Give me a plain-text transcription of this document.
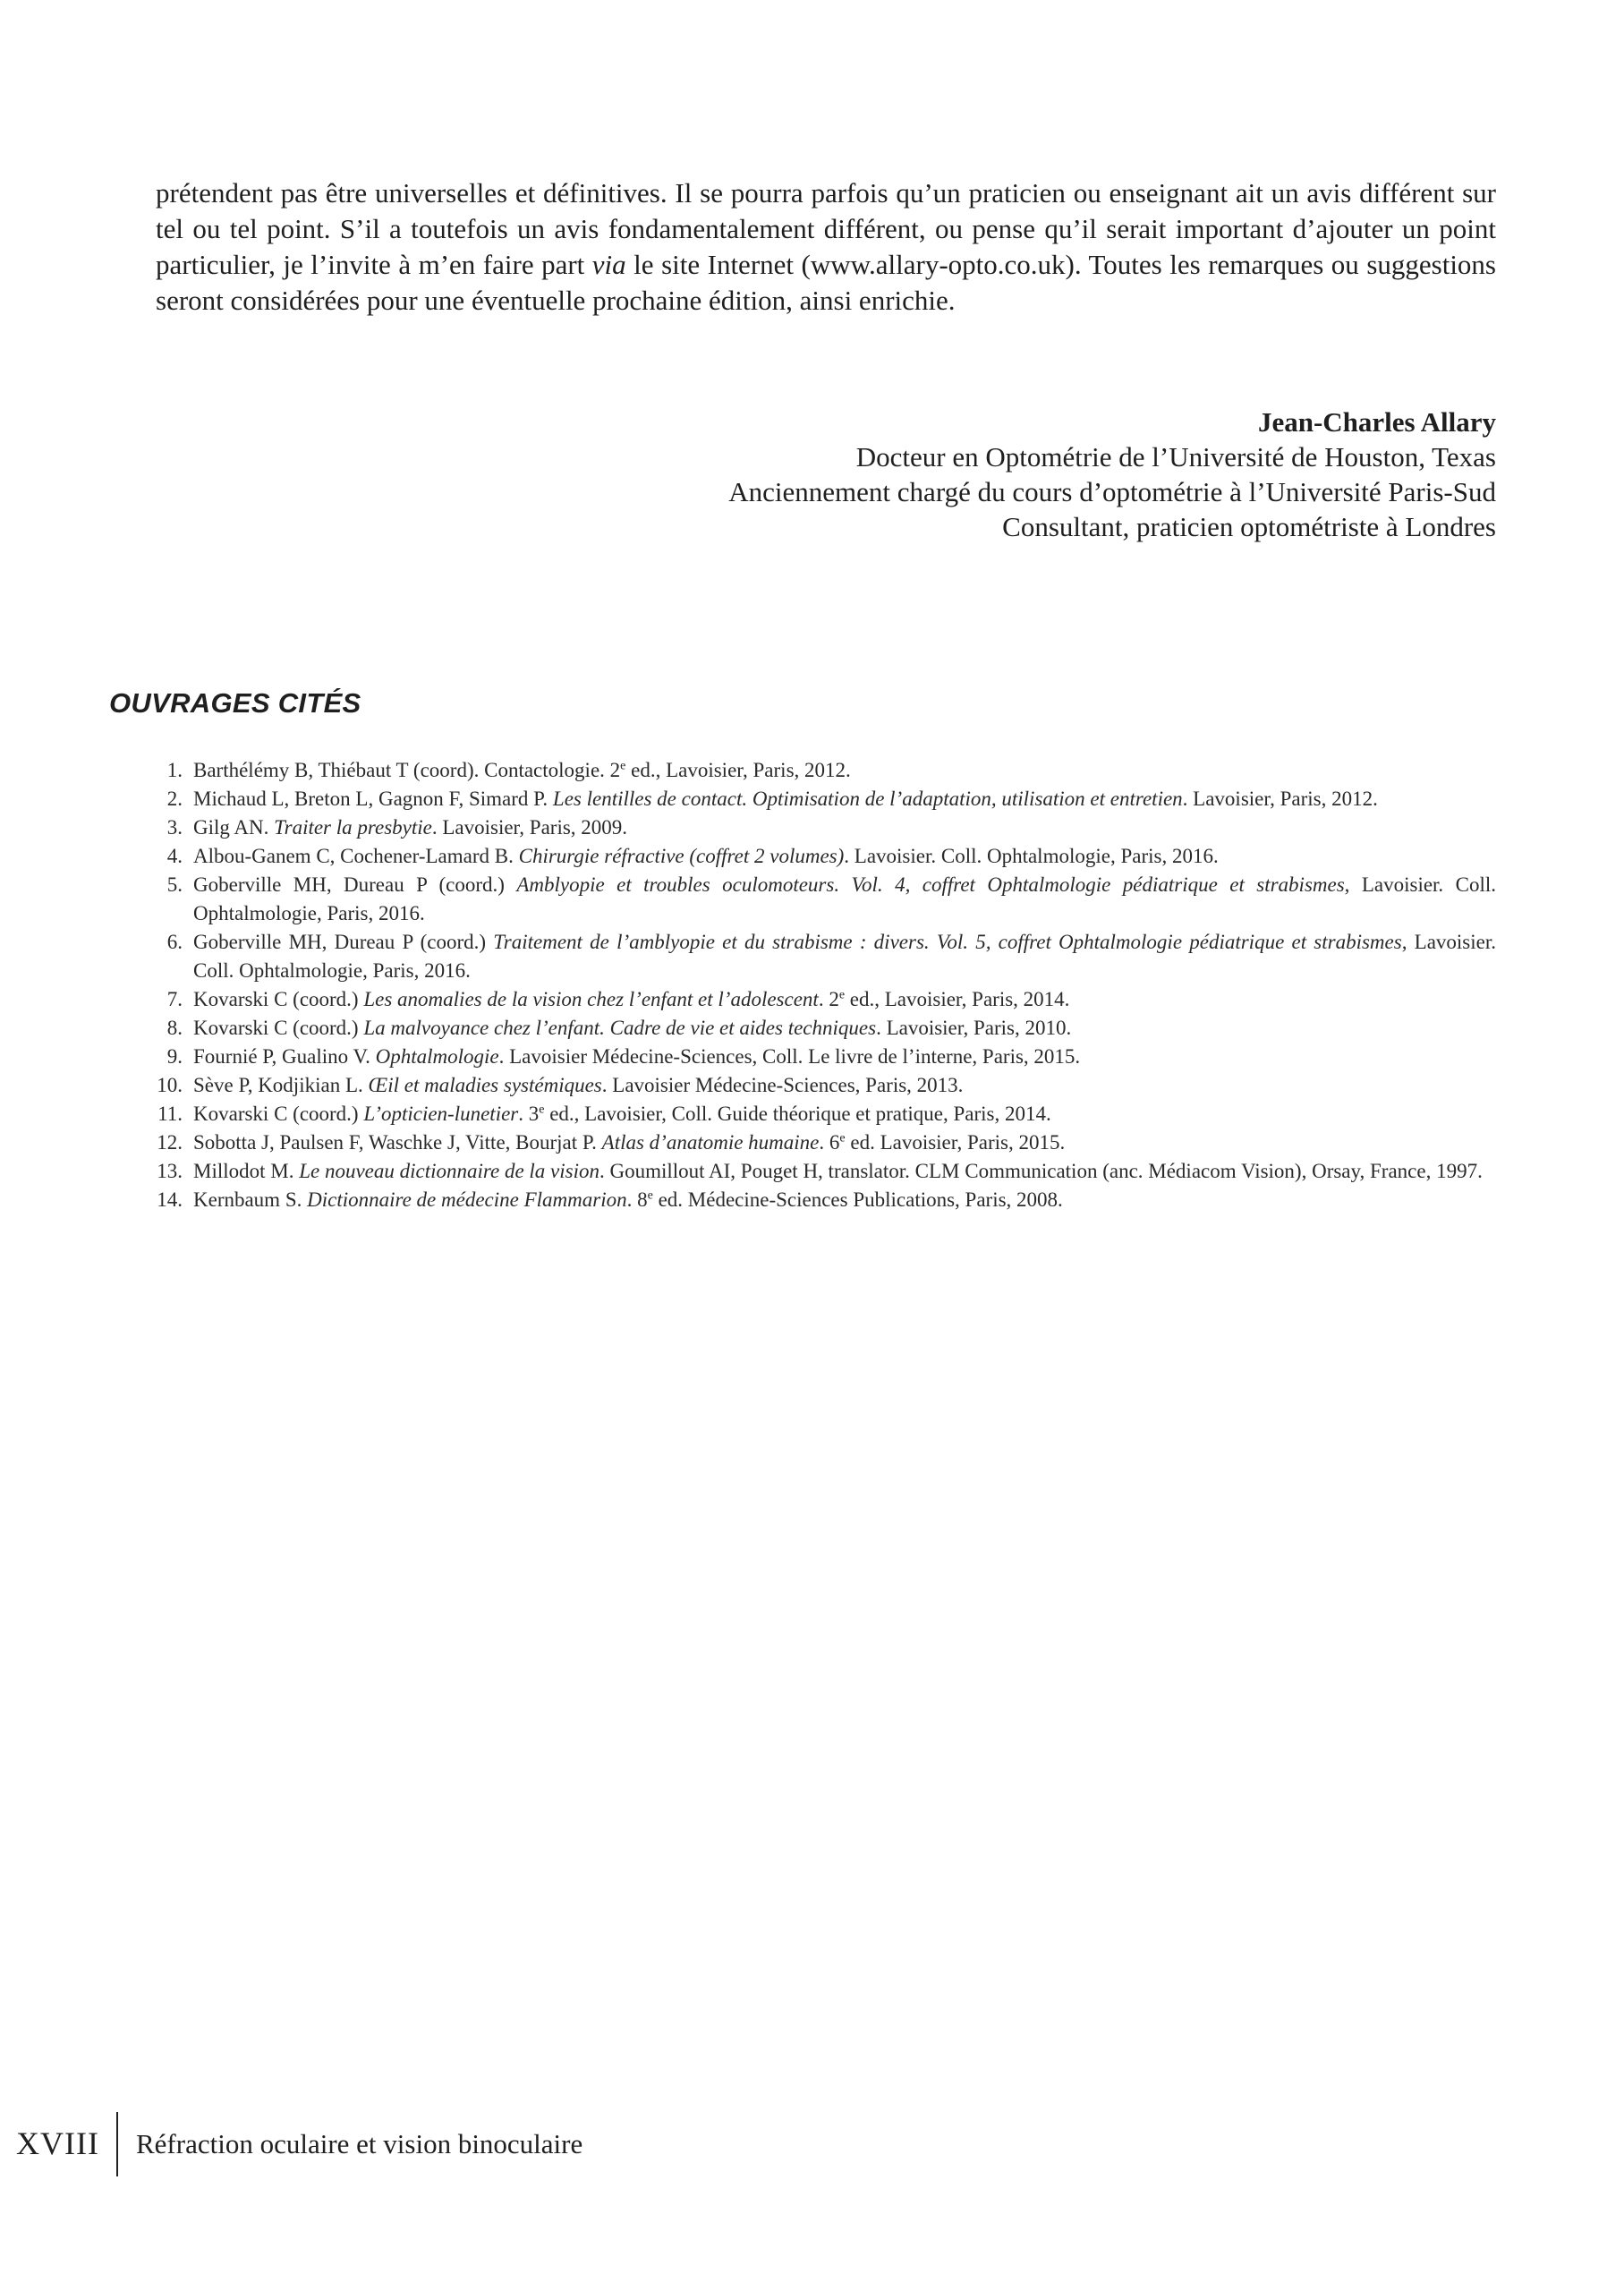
prétendent pas être universelles et définitives. Il se pourra parfois qu’un praticien ou enseignant ait un avis différent sur tel ou tel point. S’il a toutefois un avis fondamentalement différent, ou pense qu’il serait important d’ajouter un point particulier, je l’invite à m’en faire part via le site Internet (www.allary-opto.co.uk). Toutes les remarques ou suggestions seront considérées pour une éventuelle prochaine édition, ainsi enrichie.

Jean-Charles Allary
Docteur en Optométrie de l’Université de Houston, Texas
Anciennement chargé du cours d’optométrie à l’Université Paris-Sud
Consultant, praticien optométriste à Londres
OUVRAGES CITÉS
1. Barthélémy B, Thiébaut T (coord). Contactologie. 2e ed., Lavoisier, Paris, 2012.
2. Michaud L, Breton L, Gagnon F, Simard P. Les lentilles de contact. Optimisation de l’adaptation, utilisation et entretien. Lavoisier, Paris, 2012.
3. Gilg AN. Traiter la presbytie. Lavoisier, Paris, 2009.
4. Albou-Ganem C, Cochener-Lamard B. Chirurgie réfractive (coffret 2 volumes). Lavoisier. Coll. Ophtalmologie, Paris, 2016.
5. Goberville MH, Dureau P (coord.) Amblyopie et troubles oculomoteurs. Vol. 4, coffret Ophtalmologie pédiatrique et strabismes, Lavoisier. Coll. Ophtalmologie, Paris, 2016.
6. Goberville MH, Dureau P (coord.) Traitement de l’amblyopie et du strabisme : divers. Vol. 5, coffret Ophtalmologie pédiatrique et strabismes, Lavoisier. Coll. Ophtalmologie, Paris, 2016.
7. Kovarski C (coord.) Les anomalies de la vision chez l’enfant et l’adolescent. 2e ed., Lavoisier, Paris, 2014.
8. Kovarski C (coord.) La malvoyance chez l’enfant. Cadre de vie et aides techniques. Lavoisier, Paris, 2010.
9. Fournié P, Gualino V. Ophtalmologie. Lavoisier Médecine-Sciences, Coll. Le livre de l’interne, Paris, 2015.
10. Sève P, Kodjikian L. Œil et maladies systémiques. Lavoisier Médecine-Sciences, Paris, 2013.
11. Kovarski C (coord.) L’opticien-lunetier. 3e ed., Lavoisier, Coll. Guide théorique et pratique, Paris, 2014.
12. Sobotta J, Paulsen F, Waschke J, Vitte, Bourjat P. Atlas d’anatomie humaine. 6e ed. Lavoisier, Paris, 2015.
13. Millodot M. Le nouveau dictionnaire de la vision. Goumillout AI, Pouget H, translator. CLM Communication (anc. Médiacom Vision), Orsay, France, 1997.
14. Kernbaum S. Dictionnaire de médecine Flammarion. 8e ed. Médecine-Sciences Publications, Paris, 2008.
XVIII Réfraction oculaire et vision binoculaire
